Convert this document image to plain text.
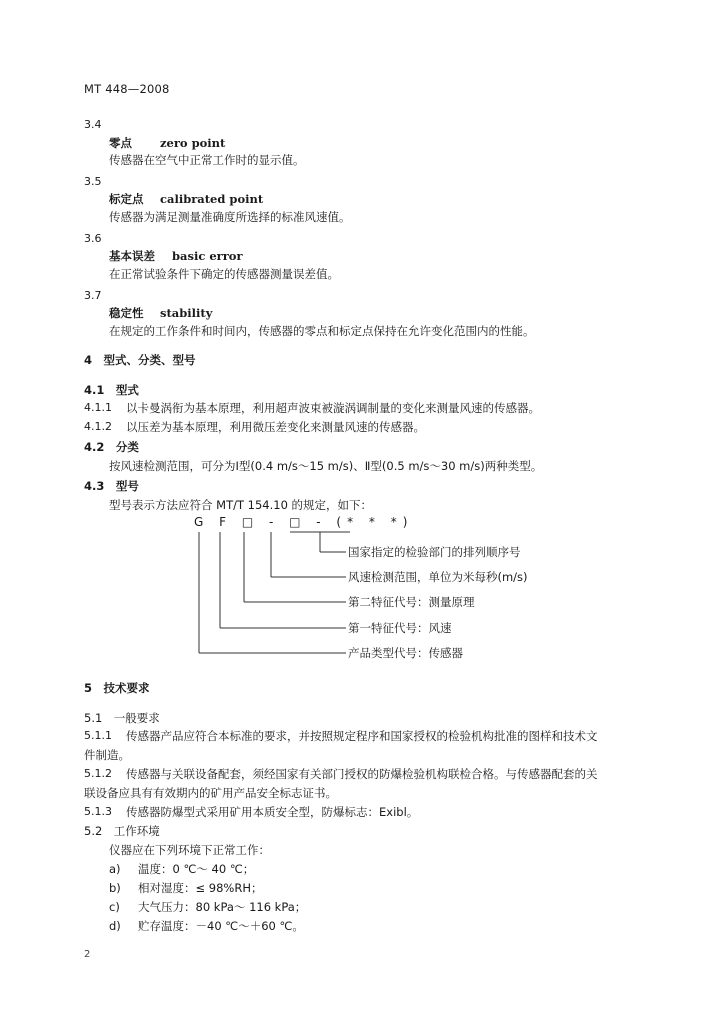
MT 448—2008
3.4
零点 zero point
传感器在空气中正常工作时的显示值。
3.5
标定点 calibrated point
传感器为满足测量准确度所选择的标准风速值。
3.6
基本误差 basic error
在正常试验条件下确定的传感器测量误差值。
3.7
稳定性 stability
在规定的工作条件和时间内，传感器的零点和标定点保持在允许变化范围内的性能。
4　型式、分类、型号
4.1　型式
4.1.1 以卡曼涡衔为基本原理，利用超声波束被漩涡调制量的变化来测量风速的传感器。
4.1.2 以压差为基本原理，利用微压差变化来测量风速的传感器。
4.2　分类
按风速检测范围，可分为Ⅰ型(0.4 m/s～15 m/s)、Ⅱ型(0.5 m/s～30 m/s)两种类型。
4.3　型号
型号表示方法应符合 MT/T 154.10 的规定，如下：
G F □ - □ - (* * *)
国家指定的检验部门的排列顺序号
风速检测范围，单位为米每秒(m/s)
第二特征代号：测量原理
第一特征代号：风速
产品类型代号：传感器
5　技术要求
5.1　一般要求
5.1.1 传感器产品应符合本标准的要求，并按照规定程序和国家授权的检验机构批准的图样和技术文
件制造。
5.1.2 传感器与关联设备配套，须经国家有关部门授权的防爆检验机构联检合格。与传感器配套的关
联设备应具有有效期内的矿用产品安全标志证书。
5.1.3 传感器防爆型式采用矿用本质安全型，防爆标志：Exibl。
5.2　工作环境
仪器应在下列环境下正常工作：
a) 温度：0 ℃～ 40 ℃；
b) 相对湿度：≤ 98%RH；
c) 大气压力：80 kPa～ 116 kPa；
d) 贮存温度：－40 ℃～＋60 ℃。
2
